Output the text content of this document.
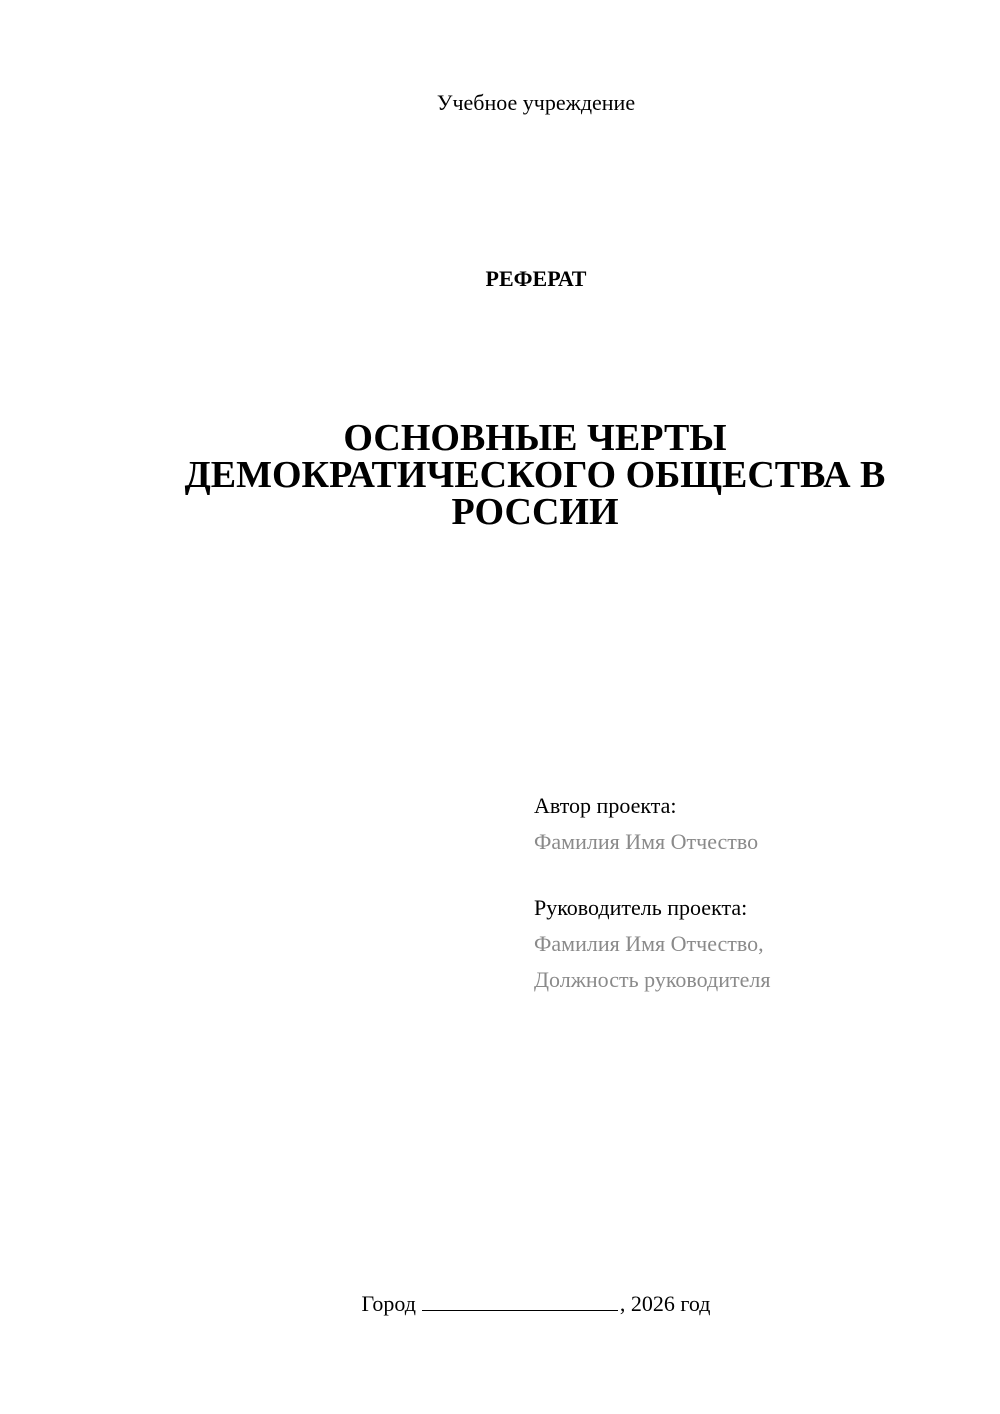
Учебное учреждение
РЕФЕРАТ
ОСНОВНЫЕ ЧЕРТЫ
ДЕМОКРАТИЧЕСКОГО ОБЩЕСТВА В
РОССИИ
Автор проекта:
Фамилия Имя Отчество
Руководитель проекта:
Фамилия Имя Отчество,
Должность руководителя
Город	, 2026 год
